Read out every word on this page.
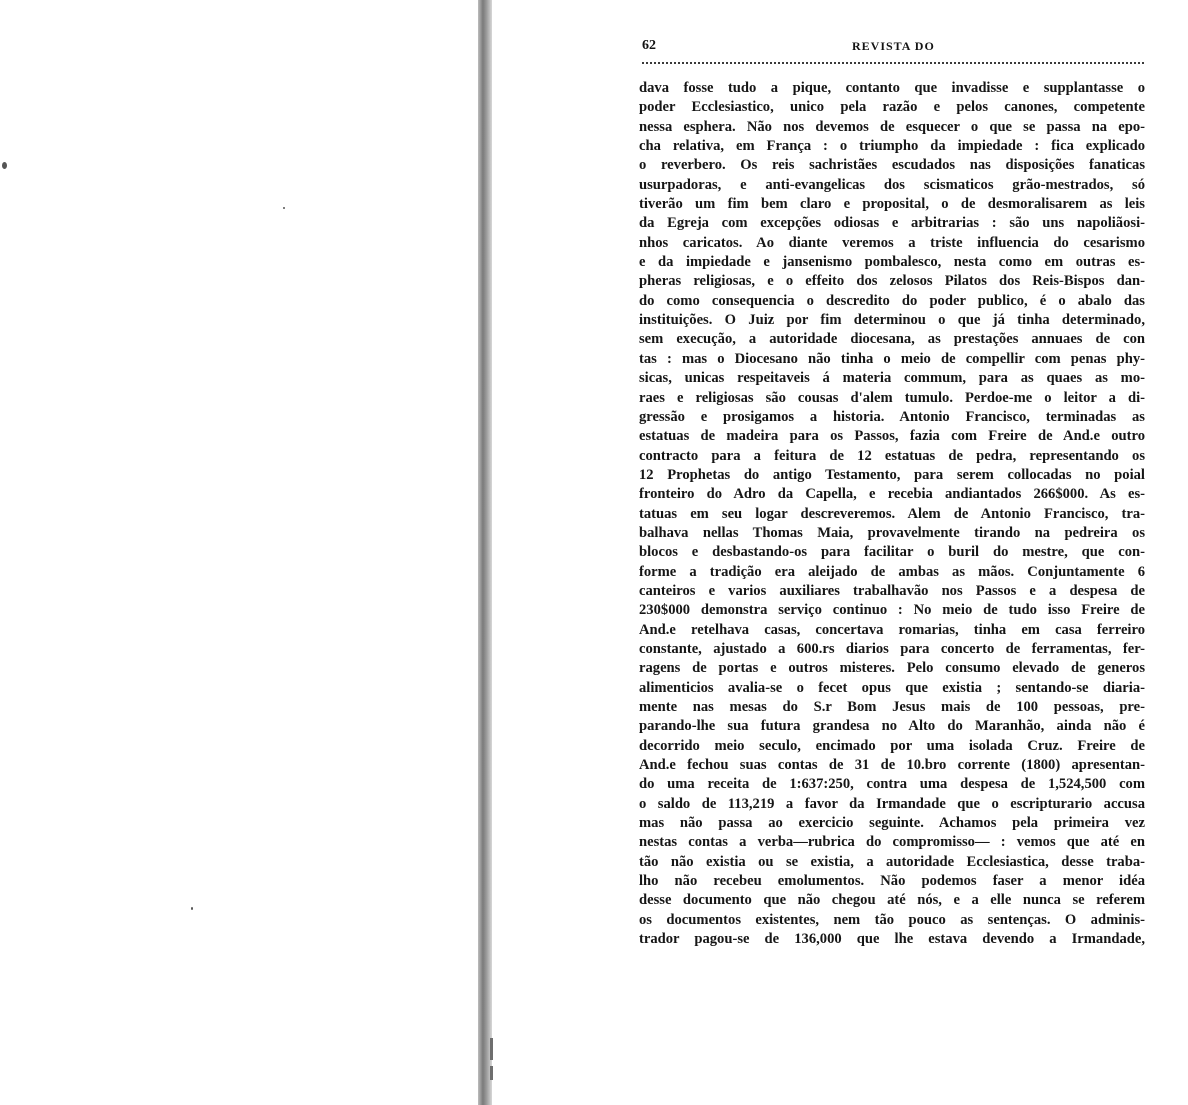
62	REVISTA DO
dava fosse tudo a pique, contanto que invadisse e supplantasse o
poder Ecclesiastico, unico pela razão e pelos canones, competente
nessa esphera. Não nos devemos de esquecer o que se passa na epo-
cha relativa, em França : o triumpho da impiedade : fica explicado
o reverbero. Os reis sachristães escudados nas disposições fanaticas
usurpadoras, e anti-evangelicas dos scismaticos grão-mestrados, só
tiverão um fim bem claro e proposital, o de desmoralisarem as leis
da Egreja com excepções odiosas e arbitrarias : são uns napoliãosi-
nhos caricatos. Ao diante veremos a triste influencia do cesarismo
e da impiedade e jansenismo pombalesco, nesta como em outras es-
pheras religiosas, e o effeito dos zelosos Pilatos dos Reis-Bispos dan-
do como consequencia o descredito do poder publico, é o abalo das
instituições. O Juiz por fim determinou o que já tinha determinado,
sem execução, a autoridade diocesana, as prestações annuaes de con
tas : mas o Diocesano não tinha o meio de compellir com penas phy-
sicas, unicas respeitaveis á materia commum, para as quaes as mo-
raes e religiosas são cousas d'alem tumulo. Perdoe-me o leitor a di-
gressão e prosigamos a historia. Antonio Francisco, terminadas as
estatuas de madeira para os Passos, fazia com Freire de And.e outro
contracto para a feitura de 12 estatuas de pedra, representando os
12 Prophetas do antigo Testamento, para serem collocadas no poial
fronteiro do Adro da Capella, e recebia andiantados 266$000. As es-
tatuas em seu logar descreveremos. Alem de Antonio Francisco, tra-
balhava nellas Thomas Maia, provavelmente tirando na pedreira os
blocos e desbastando-os para facilitar o buril do mestre, que con-
forme a tradição era aleijado de ambas as mãos. Conjuntamente 6
canteiros e varios auxiliares trabalhavão nos Passos e a despesa de
230$000 demonstra serviço continuo : No meio de tudo isso Freire de
And.e retelhava casas, concertava romarias, tinha em casa ferreiro
constante, ajustado a 600.rs diarios para concerto de ferramentas, fer-
ragens de portas e outros misteres. Pelo consumo elevado de generos
alimenticios avalia-se o fecet opus que existia ; sentando-se diaria-
mente nas mesas do S.r Bom Jesus mais de 100 pessoas, pre-
parando-lhe sua futura grandesa no Alto do Maranhão, ainda não é
decorrido meio seculo, encimado por uma isolada Cruz. Freire de
And.e fechou suas contas de 31 de 10.bro corrente (1800) apresentan-
do uma receita de 1:637:250, contra uma despesa de 1,524,500 com
o saldo de 113,219 a favor da Irmandade que o escripturario accusa
mas não passa ao exercicio seguinte. Achamos pela primeira vez
nestas contas a verba—rubrica do compromisso— : vemos que até en
tão não existia ou se existia, a autoridade Ecclesiastica, desse traba-
lho não recebeu emolumentos. Não podemos faser a menor idéa
desse documento que não chegou até nós, e a elle nunca se referem
os documentos existentes, nem tão pouco as sentenças. O adminis-
trador pagou-se de 136,000 que lhe estava devendo a Irmandade,
